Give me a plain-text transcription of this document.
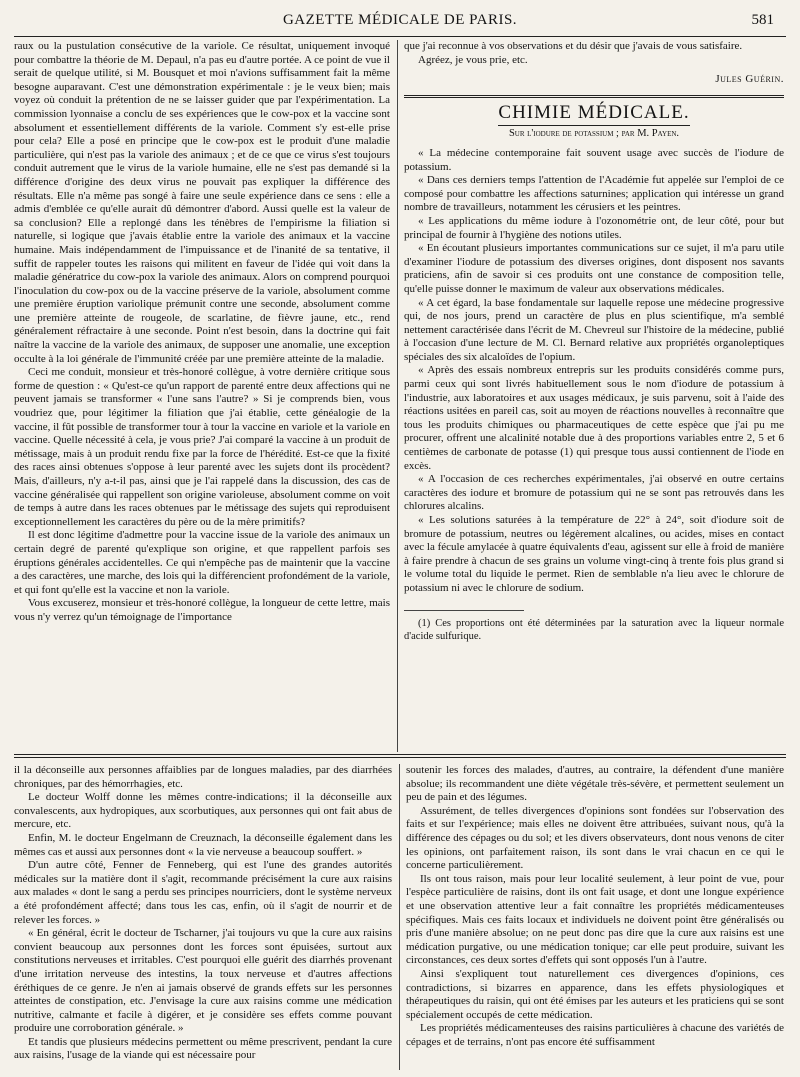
GAZETTE MÉDICALE DE PARIS.	581

raux ou la pustulation consécutive de la variole. Ce résultat, uniquement invoqué pour combattre la théorie de M. Depaul, n'a pas eu d'autre portée. A ce point de vue il serait de quelque utilité, si M. Bousquet et moi n'avions suffisamment fait la même besogne auparavant. C'est une démonstration expérimentale : je le veux bien; mais voyez où conduit la prétention de ne se laisser guider que par l'expérimentation. La commission lyonnaise a conclu de ses expériences que le cow-pox et la vaccine sont absolument et essentiellement différents de la variole. Comment s'y est-elle prise pour cela? Elle a posé en principe que le cow-pox est le produit d'une maladie particulière, qui n'est pas la variole des animaux ; et de ce que ce virus s'est toujours conduit autrement que le virus de la variole humaine, elle ne s'est pas demandé si la différence d'origine des deux virus ne pouvait pas expliquer la différence des résultats. Elle n'a même pas songé à faire une seule expérience dans ce sens : elle a admis d'emblée ce qu'elle aurait dû démontrer d'abord. Aussi quelle est la valeur de sa conclusion? Elle a replongé dans les ténèbres de l'empirisme la filiation si naturelle, si logique que j'avais établie entre la variole des animaux et la vaccine humaine. Mais indépendamment de l'impuissance et de l'inanité de sa tentative, il suffit de rappeler toutes les raisons qui militent en faveur de l'idée qui voit dans la maladie génératrice du cow-pox la variole des animaux. Alors on comprend pourquoi l'inoculation du cow-pox ou de la vaccine préserve de la variole, absolument comme une première éruption variolique prémunit contre une seconde, absolument comme une première atteinte de rougeole, de scarlatine, de fièvre jaune, etc., rend généralement réfractaire à une seconde. Point n'est besoin, dans la doctrine qui fait naître la vaccine de la variole des animaux, de supposer une anomalie, une exception occulte à la loi générale de l'immunité créée par une première atteinte de la maladie.

Ceci me conduit, monsieur et très-honoré collègue, à votre dernière critique sous forme de question : « Qu'est-ce qu'un rapport de parenté entre deux affections qui ne peuvent jamais se transformer « l'une sans l'autre? » Si je comprends bien, vous voudriez que, pour légitimer la filiation que j'ai établie, cette généalogie de la vaccine, il fût possible de transformer tour à tour la vaccine en variole et la variole en vaccine. Quelle nécessité à cela, je vous prie? J'ai comparé la vaccine à un produit de métissage, mais à un produit rendu fixe par la force de l'hérédité. Est-ce que la fixité des races ainsi obtenues s'oppose à leur parenté avec les sujets dont ils procèdent? Mais, d'ailleurs, n'y a-t-il pas, ainsi que je l'ai rappelé dans la discussion, des cas de vaccine généralisée qui rappellent son origine varioleuse, absolument comme on voit de temps à autre dans les races obtenues par le métissage des sujets qui reproduisent exceptionnellement les caractères du père ou de la mère primitifs?

Il est donc légitime d'admettre pour la vaccine issue de la variole des animaux un certain degré de parenté qu'explique son origine, et que rappellent parfois ses éruptions générales accidentelles. Ce qui n'empêche pas de maintenir que la vaccine a des caractères, une marche, des lois qui la différencient profondément de la variole, et qui font qu'elle est la vaccine et non la variole.

Vous excuserez, monsieur et très-honoré collègue, la longueur de cette lettre, mais vous n'y verrez qu'un témoignage de l'importance

que j'ai reconnue à vos observations et du désir que j'avais de vous satisfaire.

Agréez, je vous prie, etc.

Jules Guérin.

CHIMIE MÉDICALE.
Sur l'iodure de potassium ; par M. Payen.

« La médecine contemporaine fait souvent usage avec succès de l'iodure de potassium.

« Dans ces derniers temps l'attention de l'Académie fut appelée sur l'emploi de ce composé pour combattre les affections saturnines; application qui intéresse un grand nombre de travailleurs, notamment les cérusiers et les peintres.

« Les applications du même iodure à l'ozonométrie ont, de leur côté, pour but principal de fournir à l'hygiène des notions utiles.

« En écoutant plusieurs importantes communications sur ce sujet, il m'a paru utile d'examiner l'iodure de potassium des diverses origines, dont disposent nos savants praticiens, afin de savoir si ces produits ont une constance de composition telle, qu'elle puisse donner le maximum de valeur aux observations médicales.

« A cet égard, la base fondamentale sur laquelle repose une médecine progressive qui, de nos jours, prend un caractère de plus en plus scientifique, m'a semblé nettement caractérisée dans l'écrit de M. Chevreul sur l'histoire de la médecine, publié à l'occasion d'une lecture de M. Cl. Bernard relative aux propriétés organoleptiques spéciales des six alcaloïdes de l'opium.

« Après des essais nombreux entrepris sur les produits considérés comme purs, parmi ceux qui sont livrés habituellement sous le nom d'iodure de potassium à l'industrie, aux laboratoires et aux usages médicaux, je suis parvenu, soit à l'aide des réactions usitées en pareil cas, soit au moyen de réactions nouvelles à reconnaître que tous les produits chimiques ou pharmaceutiques de cette espèce que j'ai pu me procurer, offrent une alcalinité notable due à des proportions variables entre 2, 5 et 6 centièmes de carbonate de potasse (1) qui presque tous aussi contiennent de l'iode en excès.

« A l'occasion de ces recherches expérimentales, j'ai observé en outre certains caractères des iodure et bromure de potassium qui ne se sont pas retrouvés dans les chlorures alcalins.

« Les solutions saturées à la température de 22° à 24°, soit d'iodure soit de bromure de potassium, neutres ou légèrement alcalines, ou acides, mises en contact avec la fécule amylacée à quatre équivalents d'eau, agissent sur elle à froid de manière à faire prendre à chacun de ses grains un volume vingt-cinq à trente fois plus grand si le volume total du liquide le permet. Rien de semblable n'a lieu avec le chlorure de potassium ni avec le chlorure de sodium.

(1) Ces proportions ont été déterminées par la saturation avec la liqueur normale d'acide sulfurique.

il la déconseille aux personnes affaiblies par de longues maladies, par des diarrhées chroniques, par des hémorrhagies, etc.

Le docteur Wolff donne les mêmes contre-indications; il la déconseille aux convalescents, aux hydropiques, aux scorbutiques, aux personnes qui ont fait abus de mercure, etc.

Enfin, M. le docteur Engelmann de Creuznach, la déconseille également dans les mêmes cas et aussi aux personnes dont « la vie nerveuse a beaucoup souffert. »

D'un autre côté, Fenner de Fenneberg, qui est l'une des grandes autorités médicales sur la matière dont il s'agit, recommande précisément la cure aux raisins aux malades « dont le sang a perdu ses principes nourriciers, dont le système nerveux a été profondément affecté; dans tous les cas, enfin, où il s'agit de nourrir et de relever les forces. »

« En général, écrit le docteur de Tscharner, j'ai toujours vu que la cure aux raisins convient beaucoup aux personnes dont les forces sont épuisées, surtout aux constitutions nerveuses et irritables. C'est pourquoi elle guérit des diarrhés provenant d'une irritation nerveuse des intestins, la toux nerveuse et d'autres affections éréthiques de ce genre. Je n'en ai jamais observé de grands effets sur les personnes atteintes de constipation, etc. J'envisage la cure aux raisins comme une médication nutritive, calmante et facile à digérer, et je considère ses effets comme pouvant produire une corroboration générale. »

Et tandis que plusieurs médecins permettent ou même prescrivent, pendant la cure aux raisins, l'usage de la viande qui est nécessaire pour

soutenir les forces des malades, d'autres, au contraire, la défendent d'une manière absolue; ils recommandent une diète végétale très-sévère, et permettent seulement un peu de pain et des légumes.

Assurément, de telles divergences d'opinions sont fondées sur l'observation des faits et sur l'expérience; mais elles ne doivent être attribuées, suivant nous, qu'à la différence des cépages ou du sol; et les divers observateurs, dont nous venons de citer les opinions, ont parfaitement raison, ils sont dans le vrai chacun en ce qui le concerne particulièrement.

Ils ont tous raison, mais pour leur localité seulement, à leur point de vue, pour l'espèce particulière de raisins, dont ils ont fait usage, et dont une longue expérience et une observation attentive leur a fait connaître les propriétés médicamenteuses spécifiques. Mais ces faits locaux et individuels ne doivent point être généralisés ou pris d'une manière absolue; on ne peut donc pas dire que la cure aux raisins est une médication purgative, ou une médication tonique; car elle peut produire, suivant les circonstances, ces deux sortes d'effets qui sont opposés l'un à l'autre.

Ainsi s'expliquent tout naturellement ces divergences d'opinions, ces contradictions, si bizarres en apparence, dans les effets physiologiques et thérapeutiques du raisin, qui ont été émises par les auteurs et les praticiens qui se sont spécialement occupés de cette médication.

Les propriétés médicamenteuses des raisins particulières à chacune des variétés de cépages et de terrains, n'ont pas encore été suffisamment
